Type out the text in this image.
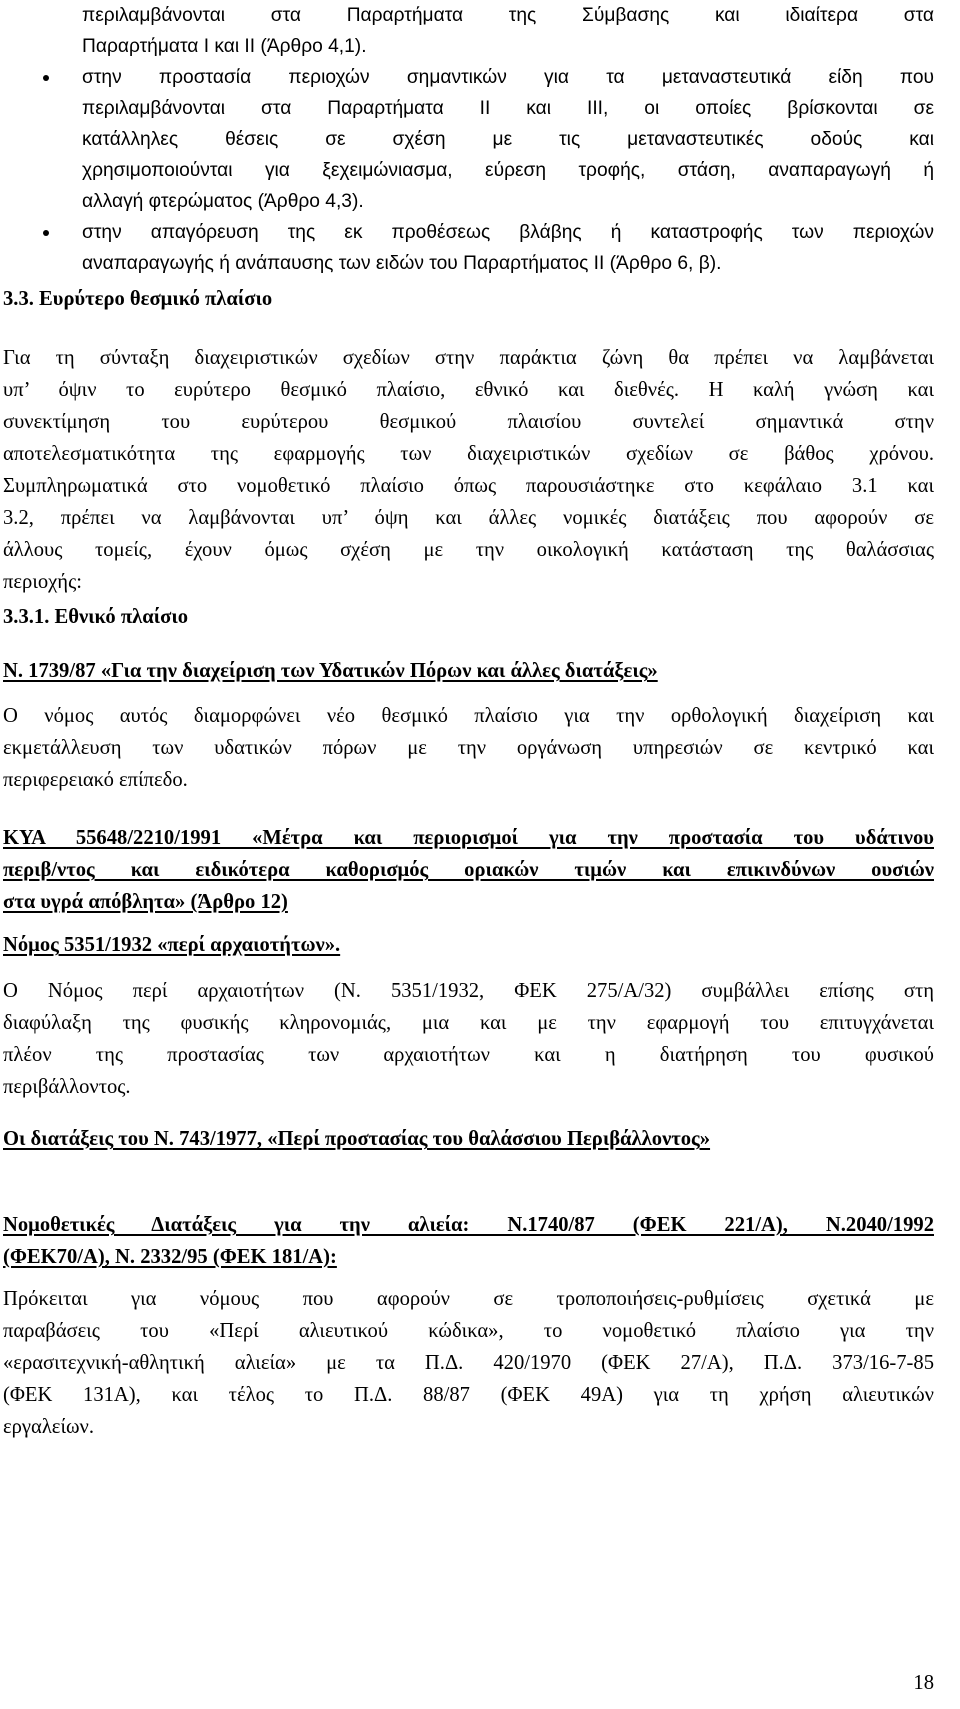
περιλαμβάνονται στα Παραρτήματα της Σύμβασης και ιδιαίτερα στα
Παραρτήματα Ι και ΙΙ (Άρθρο 4,1).
στην προστασία περιοχών σημαντικών για τα μεταναστευτικά είδη που
περιλαμβάνονται στα Παραρτήματα ΙΙ και ΙΙΙ, οι οποίες βρίσκονται σε
κατάλληλες θέσεις σε σχέση με τις μεταναστευτικές οδούς και
χρησιμοποιούνται για ξεχειμώνιασμα, εύρεση τροφής, στάση, αναπαραγωγή ή
αλλαγή φτερώματος (Άρθρο 4,3).
στην απαγόρευση της εκ προθέσεως βλάβης ή καταστροφής των περιοχών
αναπαραγωγής ή ανάπαυσης των ειδών του Παραρτήματος ΙΙ (Άρθρο 6, β).
3.3. Ευρύτερο θεσμικό πλαίσιο
Για τη σύνταξη διαχειριστικών σχεδίων στην παράκτια ζώνη θα πρέπει να λαμβάνεται
υπ’ όψιν το ευρύτερο θεσμικό πλαίσιο, εθνικό και διεθνές. Η καλή γνώση και
συνεκτίμηση του ευρύτερου θεσμικού πλαισίου συντελεί σημαντικά στην
αποτελεσματικότητα της εφαρμογής των διαχειριστικών σχεδίων σε βάθος χρόνου.
Συμπληρωματικά στο νομοθετικό πλαίσιο όπως παρουσιάστηκε στο κεφάλαιο 3.1 και
3.2, πρέπει να λαμβάνονται υπ’ όψη και άλλες νομικές διατάξεις που αφορούν σε
άλλους τομείς, έχουν όμως σχέση με την οικολογική κατάσταση της θαλάσσιας
περιοχής:
3.3.1. Εθνικό πλαίσιο
Ν. 1739/87 «Για την διαχείριση των Υδατικών Πόρων και άλλες διατάξεις»
Ο νόμος αυτός διαμορφώνει νέο θεσμικό πλαίσιο για την ορθολογική διαχείριση και
εκμετάλλευση των υδατικών πόρων με την οργάνωση υπηρεσιών σε κεντρικό και
περιφερειακό επίπεδο.
ΚΥΑ 55648/2210/1991 «Μέτρα και περιορισμοί για την προστασία του υδάτινου
περιβ/ντος και ειδικότερα καθορισμός οριακών τιμών και επικινδύνων ουσιών
στα υγρά απόβλητα» (Άρθρο 12)
Νόμος 5351/1932 «περί αρχαιοτήτων».
Ο Νόμος περί αρχαιοτήτων (Ν. 5351/1932, ΦΕΚ 275/Α/32) συμβάλλει επίσης στη
διαφύλαξη της φυσικής κληρονομιάς, μια και με την εφαρμογή του επιτυγχάνεται
πλέον της προστασίας των αρχαιοτήτων και η διατήρηση του φυσικού
περιβάλλοντος.
Οι διατάξεις του Ν. 743/1977, «Περί προστασίας του θαλάσσιου Περιβάλλοντος»
Νομοθετικές Διατάξεις για την αλιεία: Ν.1740/87 (ΦΕΚ 221/Α), Ν.2040/1992
(ΦΕΚ70/Α), Ν. 2332/95 (ΦΕΚ 181/Α):
Πρόκειται για νόμους που αφορούν σε τροποποιήσεις-ρυθμίσεις σχετικά με
παραβάσεις του «Περί αλιευτικού κώδικα», το νομοθετικό πλαίσιο για την
«ερασιτεχνική-αθλητική αλιεία» με τα Π.Δ. 420/1970 (ΦΕΚ 27/Α), Π.Δ. 373/16-7-85
(ΦΕΚ 131Α), και τέλος το Π.Δ. 88/87 (ΦΕΚ 49Α) για τη χρήση αλιευτικών
εργαλείων.
18
